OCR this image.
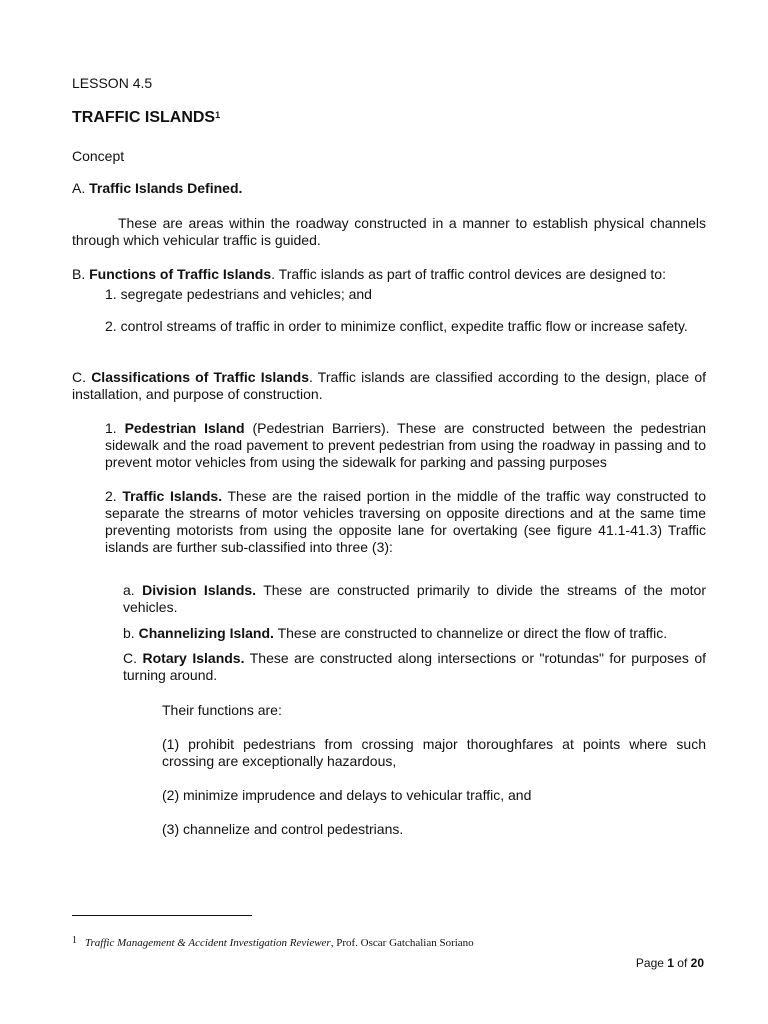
LESSON 4.5

TRAFFIC ISLANDS$^1$

Concept

A. Traffic Islands Defined.

These are areas within the roadway constructed in a manner to establish physical channels through which vehicular traffic is guided.

B. Functions of Traffic Islands. Traffic islands as part of traffic control devices are designed to:

1. segregate pedestrians and vehicles; and

2. control streams of traffic in order to minimize conflict, expedite traffic flow or increase safety.

C. Classifications of Traffic Islands. Traffic islands are classified according to the design, place of installation, and purpose of construction.

1. Pedestrian Island (Pedestrian Barriers). These are constructed between the pedestrian sidewalk and the road pavement to prevent pedestrian from using the roadway in passing and to prevent motor vehicles from using the sidewalk for parking and passing purposes

2. Traffic Islands. These are the raised portion in the middle of the traffic way constructed to separate the strearns of motor vehicles traversing on opposite directions and at the same time preventing motorists from using the opposite lane for overtaking (see figure 41.1-41.3) Traffic islands are further sub-classified into three (3):

a. Division Islands. These are constructed primarily to divide the streams of the motor vehicles.

b. Channelizing Island. These are constructed to channelize or direct the flow of traffic.

C. Rotary Islands. These are constructed along intersections or "rotundas" for purposes of turning around.

Their functions are:

(1) prohibit pedestrians from crossing major thoroughfares at points where such crossing are exceptionally hazardous,

(2) minimize imprudence and delays to vehicular traffic, and

(3) channelize and control pedestrians.

1 Traffic Management & Accident Investigation Reviewer, Prof. Oscar Gatchalian Soriano

Page 1 of 20
